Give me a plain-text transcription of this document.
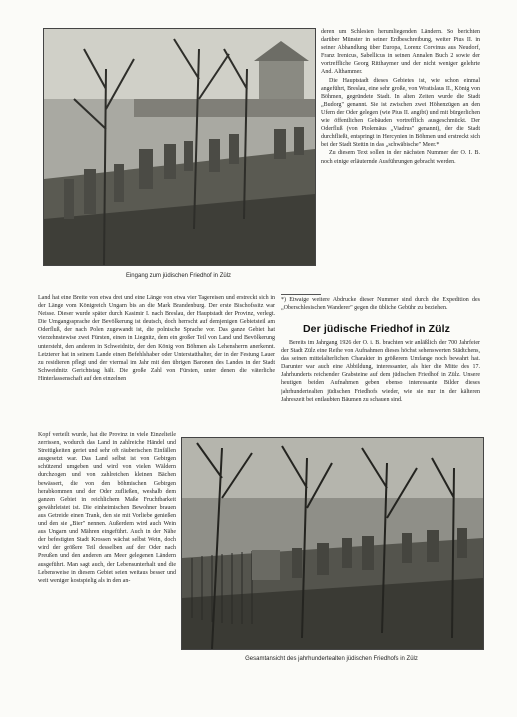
Eingang zum jüdischen Friedhof in Zülz

deren um Schlesien herumliegenden Ländern. So berichten darüber Münster in seiner Erdbeschreibung, weiter Pius II. in seiner Abhandlung über Europa, Lorenz Corvinus aus Neudorf, Franz Irenicus, Sabellicus in seinen Annalen Buch 2 sowie der vortreffliche Georg Ritthaymer und der nicht weniger gelehrte And. Althammer.

Die Hauptstadt dieses Gebietes ist, wie schon einmal angeführt, Breslau, eine sehr große, von Wratislaus II., König von Böhmen, gegründete Stadt. In alten Zeiten wurde die Stadt „Budorg" genannt. Sie ist zwischen zwei Höhenzügen an den Ufern der Oder gelegen (wie Pius II. angibt) und mit bürgerlichen wie öffentlichen Gebäuden vortrefflich ausgeschmückt. Der Oderfluß (von Ptolemäus „Viadrus" genannt), der die Stadt durchfließt, entspringt in Hercynien in Böhmen und erstreckt sich bei der Stadt Stettin in das „schwäbische" Meer.*

Zu diesem Text sollen in der nächsten Nummer der O. I. B. noch einige erläuternde Ausführungen gebracht werden.

*) Etwaige weitere Abdrucke dieser Nummer sind durch die Expedition des „Oberschlesischen Wanderer" gegen die übliche Gebühr zu beziehen.
Der jüdische Friedhof in Zülz

Bereits im Jahrgang 1926 der O. i. B. brachten wir anläßlich der 700 Jahrfeier der Stadt Zülz eine Reihe von Aufnahmen dieses höchst sehenswerten Städtchens, das seinen mittelalterlichen Charakter in größerem Umfange noch bewahrt hat. Darunter war auch eine Abbildung, interessanter, als hier die Mitte des 17. Jahrhunderts reichender Grabsteine auf dem jüdischen Friedhof in Zülz. Unsere heutigen beiden Aufnahmen geben ebenso interessante Bilder dieses jahrhundertealten jüdischen Friedhofs wieder, wie sie nur in der kälteren Jahreszeit bei entlaubten Bäumen zu schauen sind.

Land hat eine Breite von etwa drei und eine Länge von etwa vier Tagereisen und erstreckt sich in der Länge vom Königreich Ungarn bis an die Mark Brandenburg. Der erste Bischofssitz war Neisse. Dieser wurde später durch Kasimir I. nach Breslau, der Hauptstadt der Provinz, verlegt. Die Umgangssprache der Bevölkerung ist deutsch, doch herrscht auf demjenigen Gebietsteil am Oderfluß, der nach Polen zugewandt ist, die polnische Sprache vor. Das ganze Gebiet hat vierzehnstewise zwei Fürsten, einen in Liegnitz, dem ein großer Teil von Land und Bevölkerung untersteht, den anderen in Schweidnitz, der den König von Böhmen als Lehensherrn anerkennt. Letzterer hat in seinem Lande einen Befehlshaber oder Unterstatthalter, der in der Festung Lauer zu residieren pflegt und der viermal im Jahr mit den übrigen Baronen des Landes in der Stadt Schweidnitz Gerichtstag hält. Die große Zahl von Fürsten, unter denen die väterliche Hinterlassenschaft auf den einzelnen

Kopf verteilt wurde, hat die Provinz in viele Einzelteile zerrissen, wodurch das Land in zahlreiche Händel und Streitigkeiten geriet und sehr oft räuberischen Einfällen ausgesetzt war. Das Land selbst ist von Gebirgen schützend umgeben und wird von vielen Wäldern durchzogen und von zahlreichen kleinen Bächen bewässert, die von den böhmischen Gebirgen herabkommen und der Oder zufließen, weshalb dem ganzen Gebiet in reichlichem Maße Fruchtbarkeit gewährleistet ist. Die einheimischen Bewohner brauen aus Getreide einen Trank, den sie mit Vorliebe genießen und den sie „Bier" nennen. Außerdem wird auch Wein aus Ungarn und Mähren eingeführt. Auch in der Nähe der befestigten Stadt Krossen wächst selbst Wein, doch wird der größere Teil desselben auf der Oder nach Preußen und den anderen am Meer gelegenen Ländern ausgeführt. Man sagt auch, der Lebensunterhalt und die Lebensweise in diesem Gebiet seien weitaus besser und weit weniger kostspielig als in den an-

Gesamtansicht des jahrhundertealten jüdischen Friedhofs in Zülz
